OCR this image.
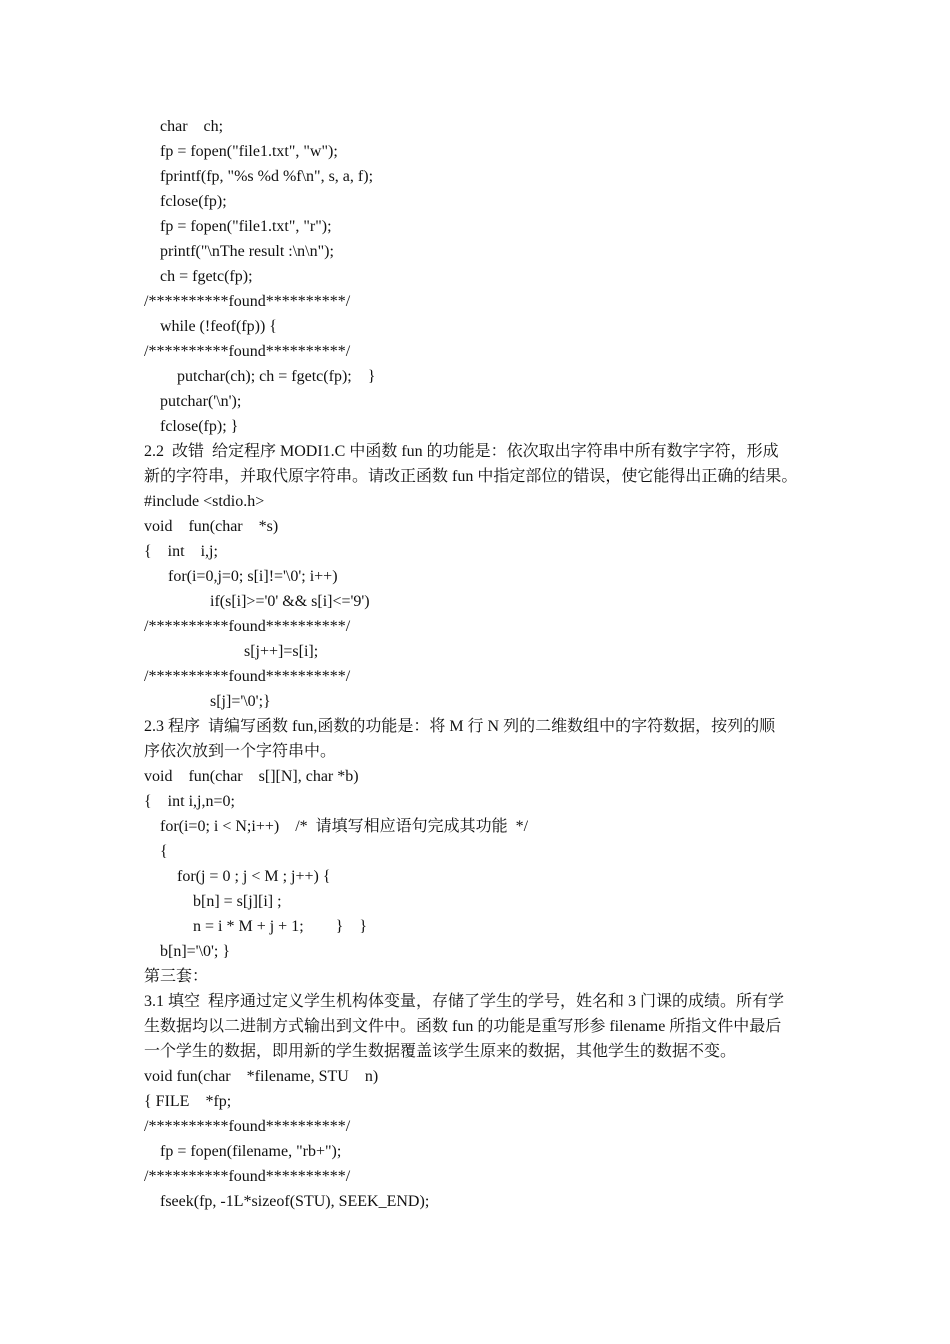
char    ch;

fp = fopen("file1.txt", "w");

fprintf(fp, "%s %d %f\n", s, a, f);

fclose(fp);

fp = fopen("file1.txt", "r");

printf("\nThe result :\n\n");

ch = fgetc(fp);

/**********found**********/

while (!feof(fp)) {

/**********found**********/

putchar(ch); ch = fgetc(fp);    }

putchar('\n');

fclose(fp); }

2.2  改错  给定程序 MODI1.C 中函数 fun 的功能是：依次取出字符串中所有数字字符，形成

新的字符串，并取代原字符串。请改正函数 fun 中指定部位的错误，使它能得出正确的结果。

#include <stdio.h>

void    fun(char    *s)

{    int    i,j;

for(i=0,j=0; s[i]!='\0'; i++)

if(s[i]>='0' && s[i]<='9')

/**********found**********/

s[j++]=s[i];

/**********found**********/

s[j]='\0';}

2.3 程序  请编写函数 fun,函数的功能是：将 M 行 N 列的二维数组中的字符数据，按列的顺

序依次放到一个字符串中。

void    fun(char    s[][N], char *b)

{    int i,j,n=0;

for(i=0; i < N;i++)    /*  请填写相应语句完成其功能  */

{

for(j = 0 ; j < M ; j++) {

b[n] = s[j][i] ;

n = i * M + j + 1;        }    }

b[n]='\0'; }

第三套：

3.1 填空  程序通过定义学生机构体变量，存储了学生的学号，姓名和 3 门课的成绩。所有学

生数据均以二进制方式输出到文件中。函数 fun 的功能是重写形参 filename 所指文件中最后

一个学生的数据，即用新的学生数据覆盖该学生原来的数据，其他学生的数据不变。

void fun(char    *filename, STU    n)

{ FILE    *fp;

/**********found**********/

fp = fopen(filename, "rb+");

/**********found**********/

fseek(fp, -1L*sizeof(STU), SEEK_END);
